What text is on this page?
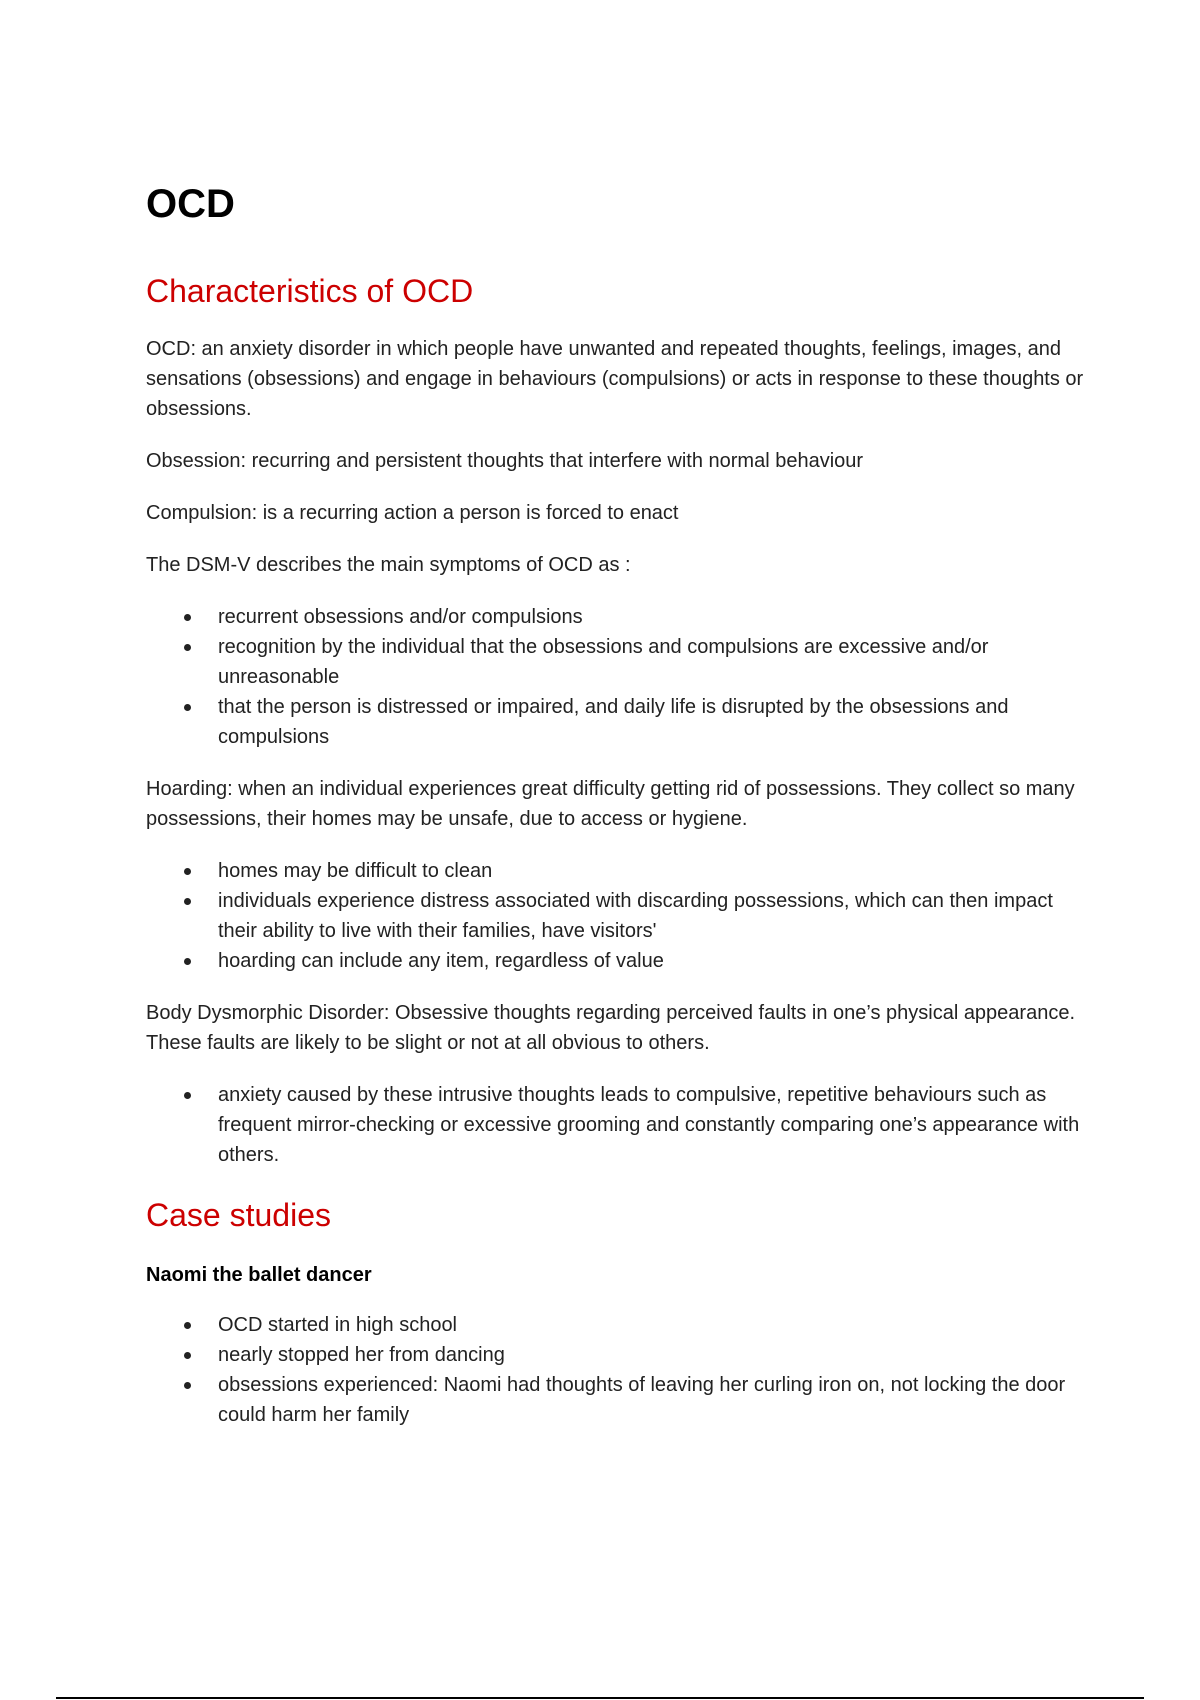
OCD
Characteristics of OCD

OCD: an anxiety disorder in which people have unwanted and repeated thoughts, feelings, images, and sensations (obsessions) and engage in behaviours (compulsions) or acts in response to these thoughts or obsessions.

Obsession: recurring and persistent thoughts that interfere with normal behaviour

Compulsion: is a recurring action a person is forced to enact

The DSM-V describes the main symptoms of OCD as :

recurrent obsessions and/or compulsions
recognition by the individual that the obsessions and compulsions are excessive and/or unreasonable
that the person is distressed or impaired, and daily life is disrupted by the obsessions and compulsions

Hoarding: when an individual experiences great difficulty getting rid of possessions. They collect so many possessions, their homes may be unsafe, due to access or hygiene.

homes may be difficult to clean
individuals experience distress associated with discarding possessions, which can then impact their ability to live with their families, have visitors'
hoarding can include any item, regardless of value

Body Dysmorphic Disorder: Obsessive thoughts regarding perceived faults in one’s physical appearance. These faults are likely to be slight or not at all obvious to others.

anxiety caused by these intrusive thoughts leads to compulsive, repetitive behaviours such as frequent mirror-checking or excessive grooming and constantly comparing one’s appearance with others.
Case studies

Naomi the ballet dancer

OCD started in high school
nearly stopped her from dancing
obsessions experienced: Naomi had thoughts of leaving her curling iron on, not locking the door could harm her family
